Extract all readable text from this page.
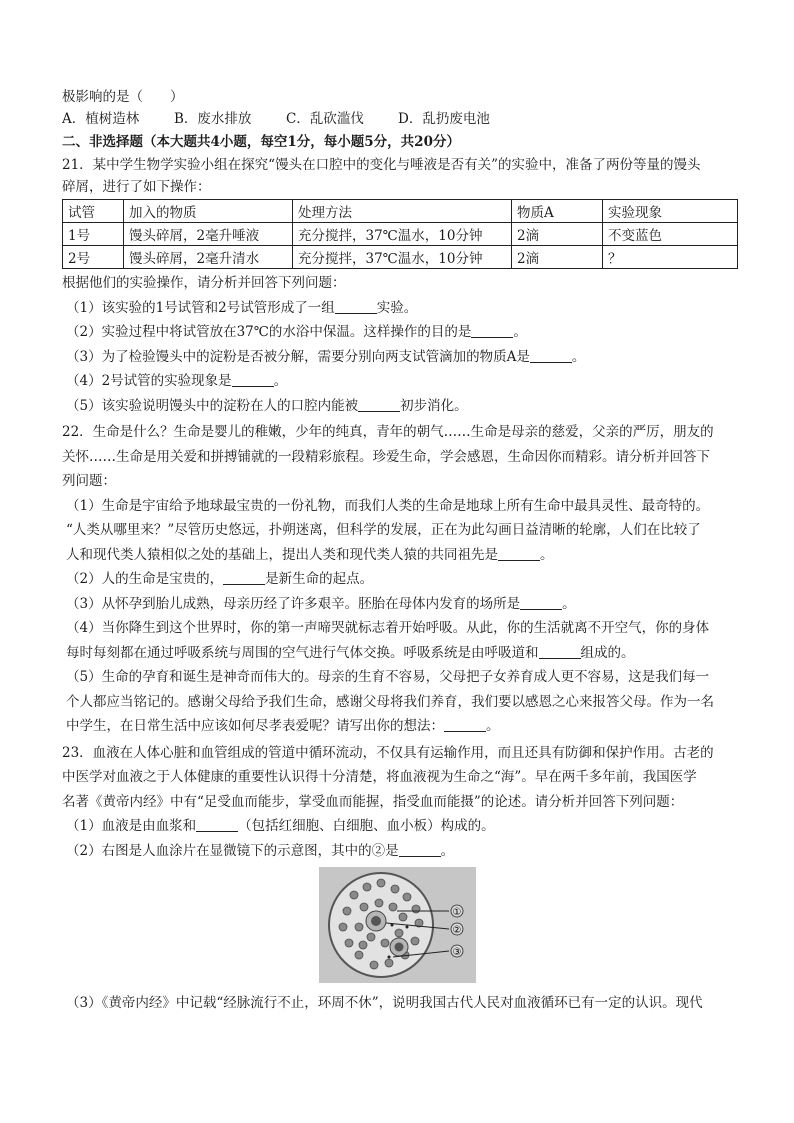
极影响的是（　　）
A．植树造林	B．废水排放	C．乱砍滥伐	D．乱扔废电池
二、非选择题（本大题共4小题，每空1分，每小题5分，共20分）
21．某中学生物学实验小组在探究“馒头在口腔中的变化与唾液是否有关”的实验中，准备了两份等量的馒头
碎屑，进行了如下操作：
试管	加入的物质	处理方法	物质A	实验现象
1号	馒头碎屑，2毫升唾液	充分搅拌，37℃温水，10分钟	2滴	不变蓝色
2号	馒头碎屑，2毫升清水	充分搅拌，37℃温水，10分钟	2滴	？
根据他们的实验操作，请分析并回答下列问题：
（1）该实验的1号试管和2号试管形成了一组	实验。
（2）实验过程中将试管放在37℃的水浴中保温。这样操作的目的是	。
（3）为了检验馒头中的淀粉是否被分解，需要分别向两支试管滴加的物质A是	。
（4）2号试管的实验现象是	。
（5）该实验说明馒头中的淀粉在人的口腔内能被	初步消化。
22．生命是什么？生命是婴儿的稚嫩，少年的纯真，青年的朝气……生命是母亲的慈爱，父亲的严厉，朋友的
关怀……生命是用关爱和拼搏铺就的一段精彩旅程。珍爱生命，学会感恩，生命因你而精彩。请分析并回答下
列问题：
（1）生命是宇宙给予地球最宝贵的一份礼物，而我们人类的生命是地球上所有生命中最具灵性、最奇特的。
“人类从哪里来？”尽管历史悠远，扑朔迷离，但科学的发展，正在为此勾画日益清晰的轮廓，人们在比较了
人和现代类人猿相似之处的基础上，提出人类和现代类人猿的共同祖先是	。
（2）人的生命是宝贵的，	是新生命的起点。
（3）从怀孕到胎儿成熟，母亲历经了许多艰辛。胚胎在母体内发育的场所是	。
（4）当你降生到这个世界时，你的第一声啼哭就标志着开始呼吸。从此，你的生活就离不开空气，你的身体
每时每刻都在通过呼吸系统与周围的空气进行气体交换。呼吸系统是由呼吸道和	组成的。
（5）生命的孕育和诞生是神奇而伟大的。母亲的生育不容易，父母把子女养育成人更不容易，这是我们每一
个人都应当铭记的。感谢父母给予我们生命，感谢父母将我们养育，我们要以感恩之心来报答父母。作为一名
中学生，在日常生活中应该如何尽孝表爱呢？请写出你的想法：	。
23．血液在人体心脏和血管组成的管道中循环流动，不仅具有运输作用，而且还具有防御和保护作用。古老的
中医学对血液之于人体健康的重要性认识得十分清楚，将血液视为生命之“海”。早在两千多年前，我国医学
名著《黄帝内经》中有“足受血而能步，掌受血而能握，指受血而能摄”的论述。请分析并回答下列问题：
（1）血液是由血浆和	（包括红细胞、白细胞、血小板）构成的。
（2）右图是人血涂片在显微镜下的示意图，其中的②是	。
①
②
③
（3）《黄帝内经》中记载“经脉流行不止，环周不休”，说明我国古代人民对血液循环已有一定的认识。现代
